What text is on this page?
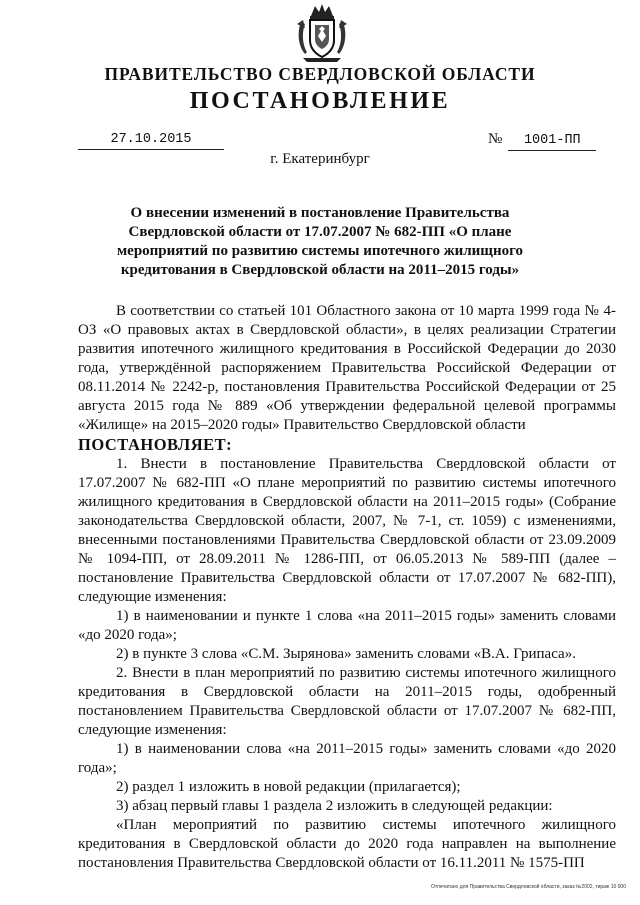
ПРАВИТЕЛЬСТВО СВЕРДЛОВСКОЙ ОБЛАСТИ
ПОСТАНОВЛЕНИЕ
27.10.2015	№ 1001-ПП
г. Екатеринбург
О внесении изменений в постановление Правительства Свердловской области от 17.07.2007 № 682-ПП «О плане мероприятий по развитию системы ипотечного жилищного кредитования в Свердловской области на 2011–2015 годы»

В соответствии со статьей 101 Областного закона от 10 марта 1999 года № 4-ОЗ «О правовых актах в Свердловской области», в целях реализации Стратегии развития ипотечного жилищного кредитования в Российской Федерации до 2030 года, утверждённой распоряжением Правительства Российской Федерации от 08.11.2014 № 2242-р, постановления Правительства Российской Федерации от 25 августа 2015 года № 889 «Об утверждении федеральной целевой программы «Жилище» на 2015–2020 годы» Правительство Свердловской области

ПОСТАНОВЛЯЕТ:

1. Внести в постановление Правительства Свердловской области от 17.07.2007 № 682-ПП «О плане мероприятий по развитию системы ипотечного жилищного кредитования в Свердловской области на 2011–2015 годы» (Собрание законодательства Свердловской области, 2007, № 7-1, ст. 1059) с изменениями, внесенными постановлениями Правительства Свердловской области от 23.09.2009 № 1094-ПП, от 28.09.2011 № 1286-ПП, от 06.05.2013 № 589-ПП (далее – постановление Правительства Свердловской области от 17.07.2007 № 682-ПП), следующие изменения:

1) в наименовании и пункте 1 слова «на 2011–2015 годы» заменить словами «до 2020 года»;

2) в пункте 3 слова «С.М. Зырянова» заменить словами «В.А. Грипаса».

2. Внести в план мероприятий по развитию системы ипотечного жилищного кредитования в Свердловской области на 2011–2015 годы, одобренный постановлением Правительства Свердловской области от 17.07.2007 № 682-ПП, следующие изменения:

1) в наименовании слова «на 2011–2015 годы» заменить словами «до 2020 года»;

2) раздел 1 изложить в новой редакции (прилагается);

3) абзац первый главы 1 раздела 2 изложить в следующей редакции:

«План мероприятий по развитию системы ипотечного жилищного кредитования в Свердловской области до 2020 года направлен на выполнение постановления Правительства Свердловской области от 16.11.2011 № 1575-ПП

Отпечатано для Правительства Свердловской области, заказ №2002, тираж 10 000
